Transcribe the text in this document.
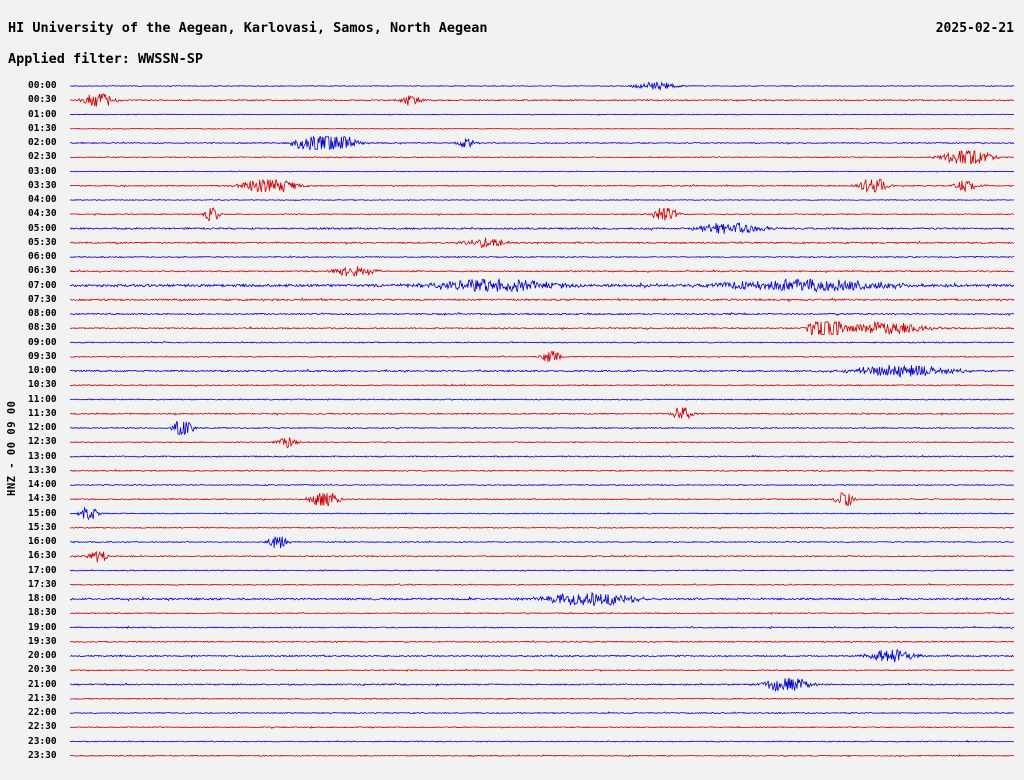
HI University of the Aegean, Karlovasi, Samos, North Aegean	2025-02-21
Applied filter: WWSSN-SP
HNZ - 00 09 00
00:00
00:30
01:00
01:30
02:00
02:30
03:00
03:30
04:00
04:30
05:00
05:30
06:00
06:30
07:00
07:30
08:00
08:30
09:00
09:30
10:00
10:30
11:00
11:30
12:00
12:30
13:00
13:30
14:00
14:30
15:00
15:30
16:00
16:30
17:00
17:30
18:00
18:30
19:00
19:30
20:00
20:30
21:00
21:30
22:00
22:30
23:00
23:30
